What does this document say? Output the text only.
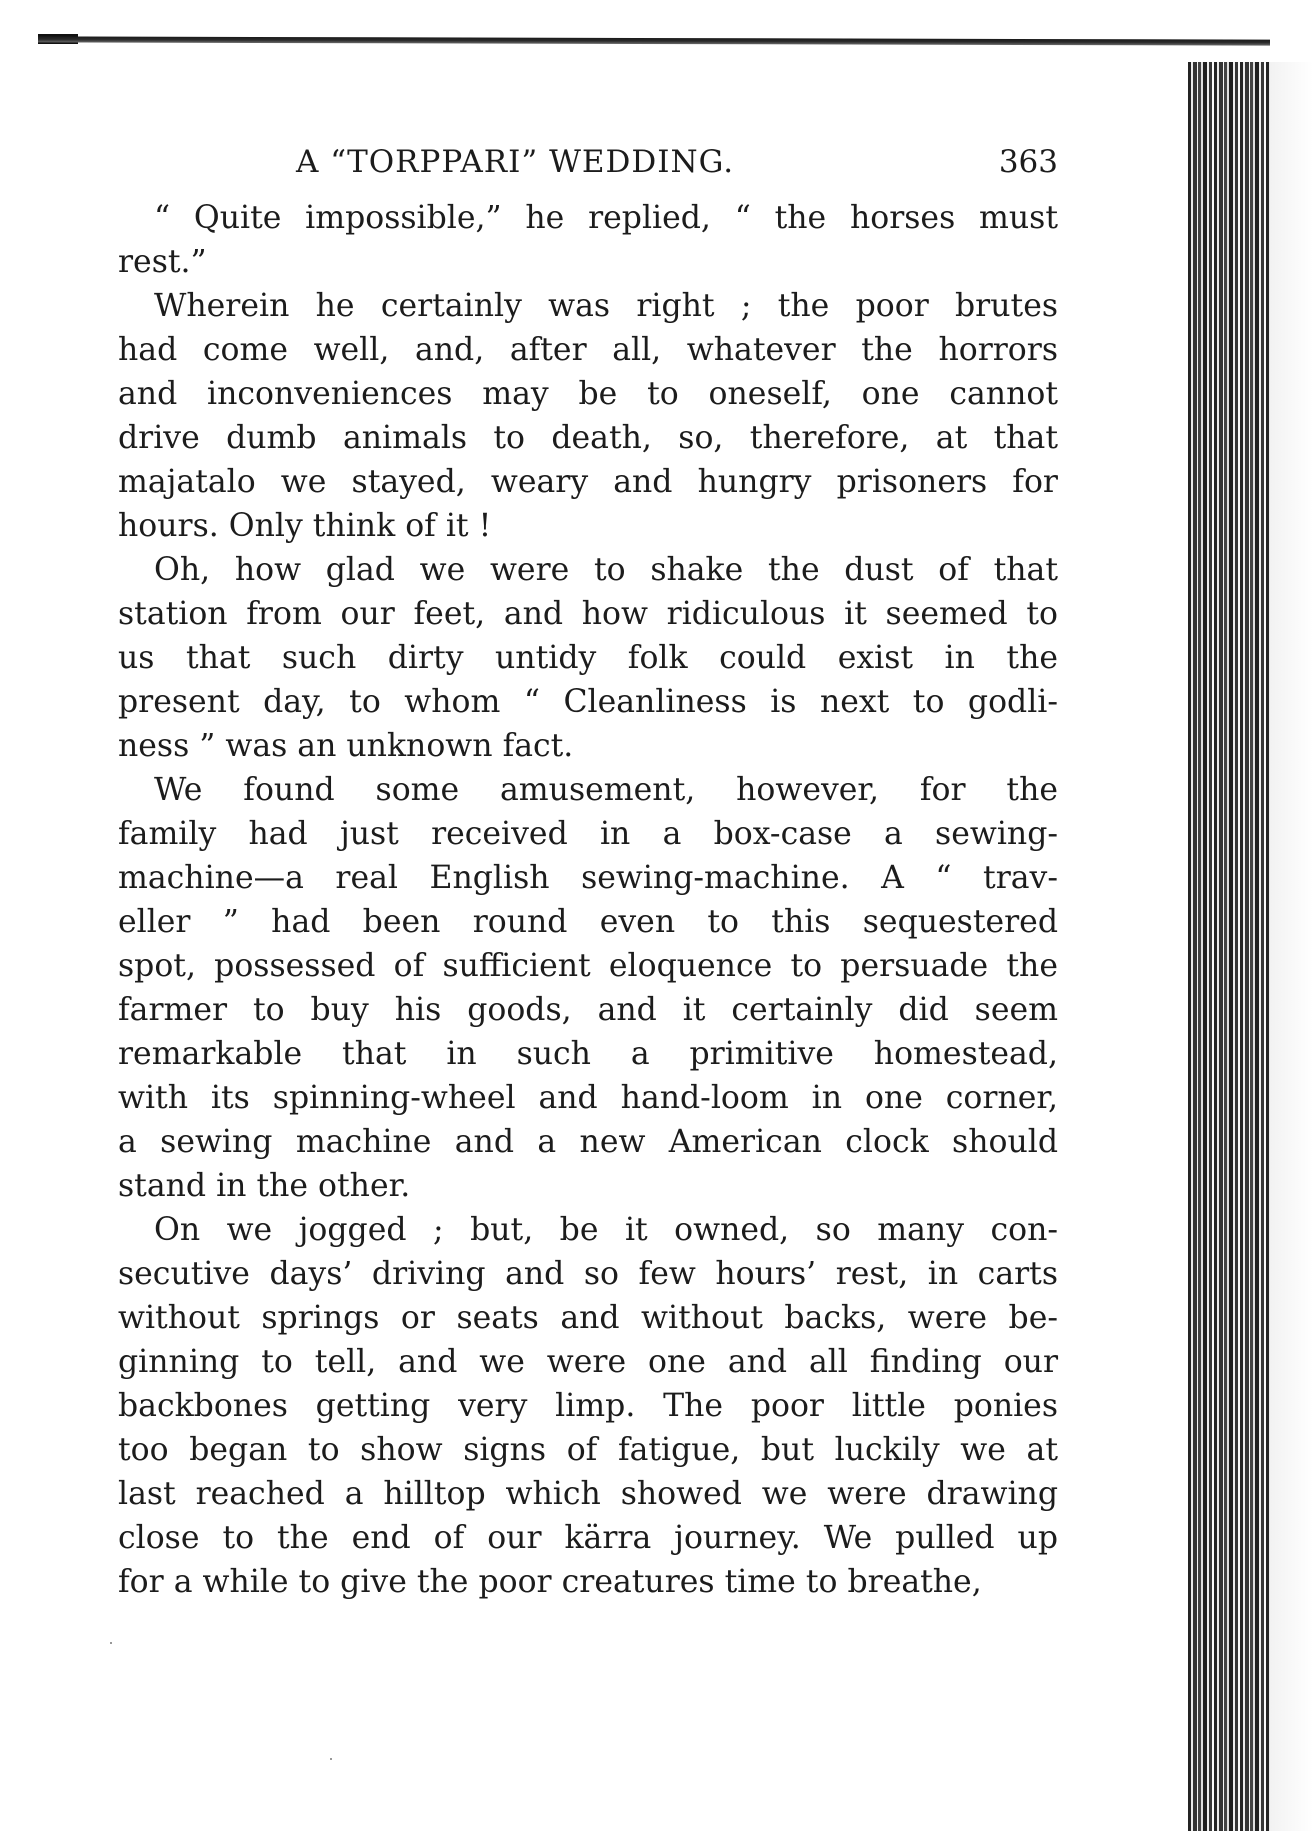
A “TORPPARI” WEDDING.	363
“ Quite impossible,” he replied, “ the horses must
rest.”
Wherein he certainly was right ; the poor brutes
had come well, and, after all, whatever the horrors
and inconveniences may be to oneself, one cannot
drive dumb animals to death, so, therefore, at that
majatalo we stayed, weary and hungry prisoners for
hours. Only think of it !
Oh, how glad we were to shake the dust of that
station from our feet, and how ridiculous it seemed to
us that such dirty untidy folk could exist in the
present day, to whom “ Cleanliness is next to godli-
ness ” was an unknown fact.
We found some amusement, however, for the
family had just received in a box-case a sewing-
machine—a real English sewing-machine. A “ trav-
eller ” had been round even to this sequestered
spot, possessed of sufficient eloquence to persuade the
farmer to buy his goods, and it certainly did seem
remarkable that in such a primitive homestead,
with its spinning-wheel and hand-loom in one corner,
a sewing machine and a new American clock should
stand in the other.
On we jogged ; but, be it owned, so many con-
secutive days’ driving and so few hours’ rest, in carts
without springs or seats and without backs, were be-
ginning to tell, and we were one and all finding our
backbones getting very limp. The poor little ponies
too began to show signs of fatigue, but luckily we at
last reached a hilltop which showed we were drawing
close to the end of our kärra journey. We pulled up
for a while to give the poor creatures time to breathe,
